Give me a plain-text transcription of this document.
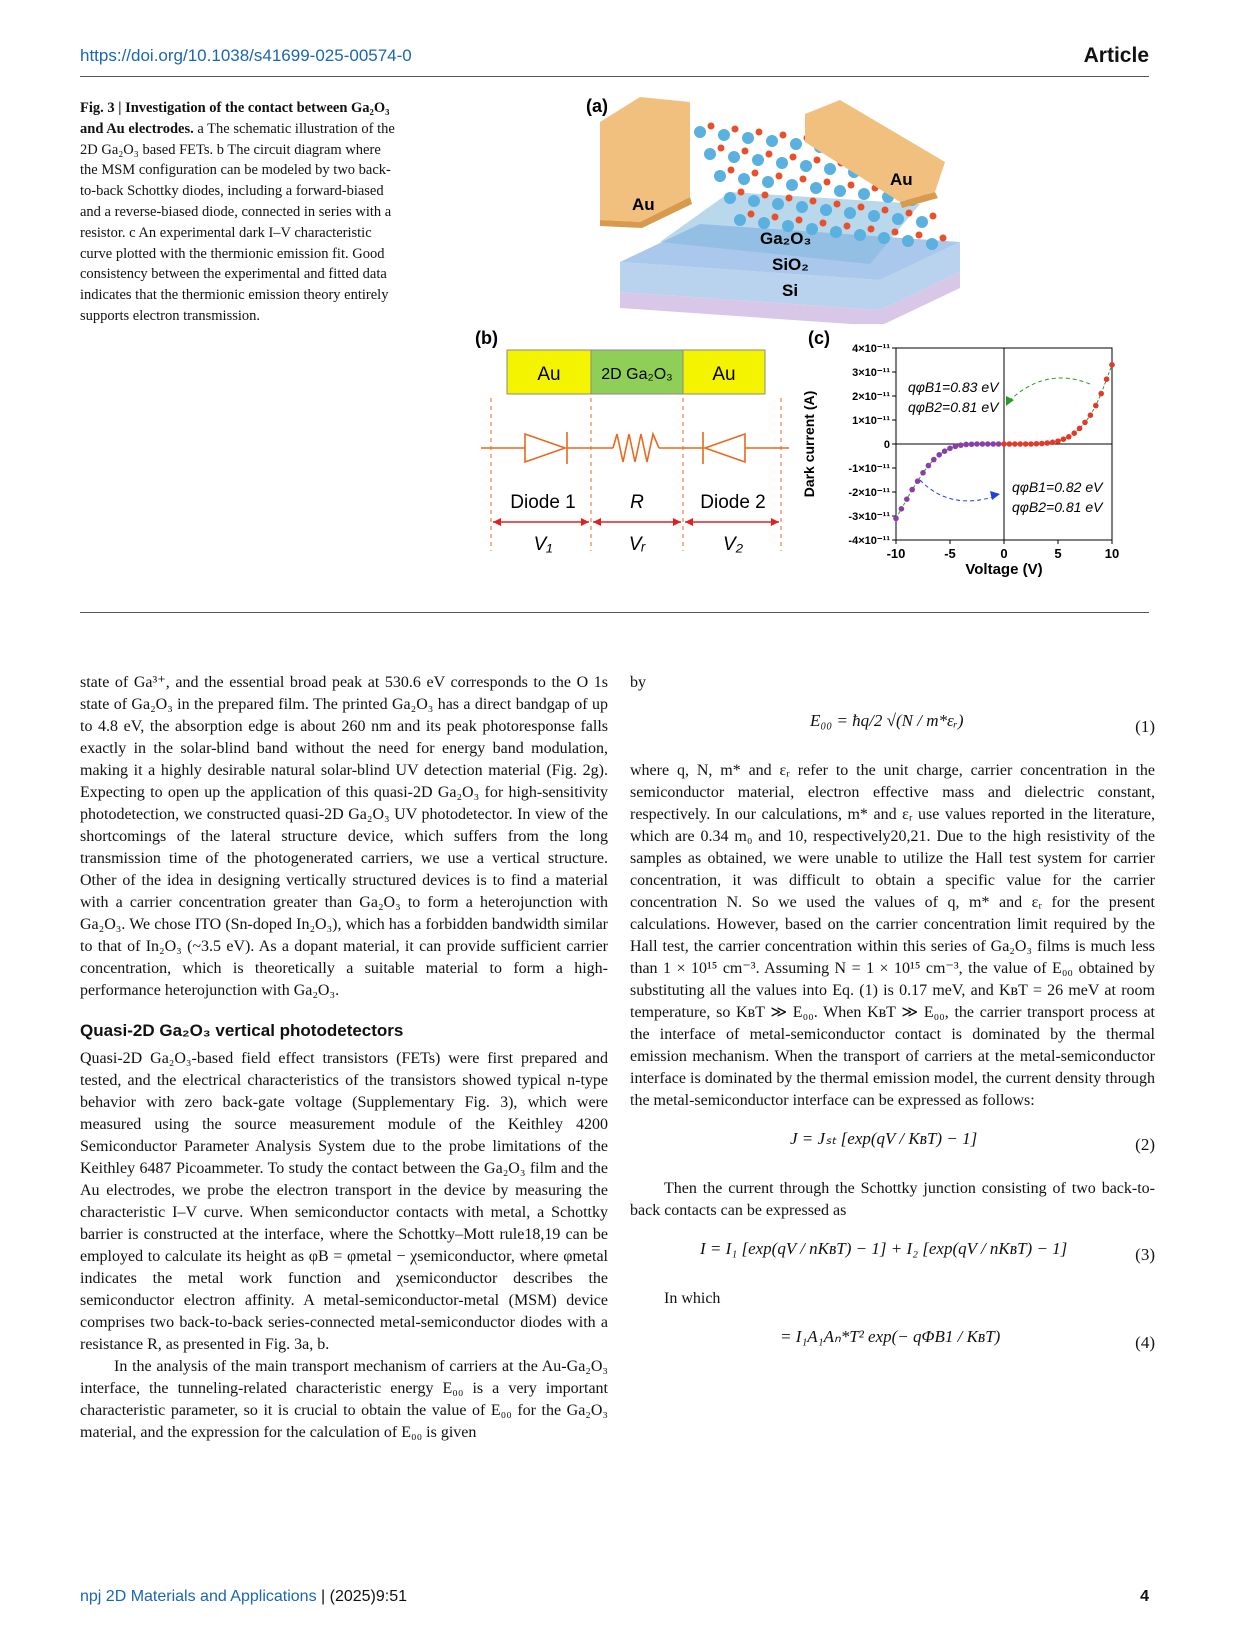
https://doi.org/10.1038/s41699-025-00574-0	Article
Fig. 3 | Investigation of the contact between Ga₂O₃ and Au electrodes. a The schematic illustration of the 2D Ga₂O₃ based FETs. b The circuit diagram where the MSM configuration can be modeled by two back-to-back Schottky diodes, including a forward-biased and a reverse-biased diode, connected in series with a resistor. c An experimental dark I–V characteristic curve plotted with the thermionic emission fit. Good consistency between the experimental and fitted data indicates that the thermionic emission theory entirely supports electron transmission.
(a)
Au
Au
Ga₂O₃
SiO₂
Si
(b)
Au	2D Ga₂O₃ Au
Diode 1	R	Diode 2
V₁	Vᵣ	V₂
(c)
4×10⁻¹¹
3×10⁻¹¹
2×10⁻¹¹
1×10⁻¹¹
0
-1×10⁻¹¹
-2×10⁻¹¹
-3×10⁻¹¹
-4×10⁻¹¹
-10	-5	0	5	10
Dark current (A)
Voltage (V)
qφB1=0.83 eV
qφB2=0.81 eV
qφB1=0.82 eV
qφB2=0.81 eV

state of Ga³⁺, and the essential broad peak at 530.6 eV corresponds to the O 1s state of Ga₂O₃ in the prepared film. The printed Ga₂O₃ has a direct bandgap of up to 4.8 eV, the absorption edge is about 260 nm and its peak photoresponse falls exactly in the solar-blind band without the need for energy band modulation, making it a highly desirable natural solar-blind UV detection material (Fig. 2g). Expecting to open up the application of this quasi-2D Ga₂O₃ for high-sensitivity photodetection, we constructed quasi-2D Ga₂O₃ UV photodetector. In view of the shortcomings of the lateral structure device, which suffers from the long transmission time of the photogenerated carriers, we use a vertical structure. Other of the idea in designing vertically structured devices is to find a material with a carrier concentration greater than Ga₂O₃ to form a heterojunction with Ga₂O₃. We chose ITO (Sn-doped In₂O₃), which has a forbidden bandwidth similar to that of In₂O₃ (~3.5 eV). As a dopant material, it can provide sufficient carrier concentration, which is theoretically a suitable material to form a high-performance heterojunction with Ga₂O₃.

Quasi-2D Ga₂O₃ vertical photodetectors

Quasi-2D Ga₂O₃-based field effect transistors (FETs) were first prepared and tested, and the electrical characteristics of the transistors showed typical n-type behavior with zero back-gate voltage (Supplementary Fig. 3), which were measured using the source measurement module of the Keithley 4200 Semiconductor Parameter Analysis System due to the probe limitations of the Keithley 6487 Picoammeter. To study the contact between the Ga₂O₃ film and the Au electrodes, we probe the electron transport in the device by measuring the characteristic I–V curve. When semiconductor contacts with metal, a Schottky barrier is constructed at the interface, where the Schottky–Mott rule18,19 can be employed to calculate its height as φB = φmetal − χsemiconductor, where φmetal indicates the metal work function and χsemiconductor describes the semiconductor electron affinity. A metal-semiconductor-metal (MSM) device comprises two back-to-back series-connected metal-semiconductor diodes with a resistance R, as presented in Fig. 3a, b.

In the analysis of the main transport mechanism of carriers at the Au-Ga₂O₃ interface, the tunneling-related characteristic energy E₀₀ is a very important characteristic parameter, so it is crucial to obtain the value of E₀₀ for the Ga₂O₃ material, and the expression for the calculation of E₀₀ is given

by

E₀₀ = ħq/2 √(N / m*εᵣ)	(1)

where q, N, m* and εᵣ refer to the unit charge, carrier concentration in the semiconductor material, electron effective mass and dielectric constant, respectively. In our calculations, m* and εᵣ use values reported in the literature, which are 0.34 m₀ and 10, respectively20,21. Due to the high resistivity of the samples as obtained, we were unable to utilize the Hall test system for carrier concentration, it was difficult to obtain a specific value for the carrier concentration N. So we used the values of q, m* and εᵣ for the present calculations. However, based on the carrier concentration limit required by the Hall test, the carrier concentration within this series of Ga₂O₃ films is much less than 1 × 10¹⁵ cm⁻³. Assuming N = 1 × 10¹⁵ cm⁻³, the value of E₀₀ obtained by substituting all the values into Eq. (1) is 0.17 meV, and KʙT = 26 meV at room temperature, so KʙT ≫ E₀₀. When KʙT ≫ E₀₀, the carrier transport process at the interface of metal-semiconductor contact is dominated by the thermal emission mechanism. When the transport of carriers at the metal-semiconductor interface is dominated by the thermal emission model, the current density through the metal-semiconductor interface can be expressed as follows:

J = Jₛₜ [exp(qV / KʙT) − 1]	(2)

Then the current through the Schottky junction consisting of two back-to-back contacts can be expressed as

I = I₁ [exp(qV / nKʙT) − 1] + I₂ [exp(qV / nKʙT) − 1]	(3)

In which

= I₁A₁Aₙ*T² exp(− qΦB1 / KʙT)	(4)
npj 2D Materials and Applications | (2025)9:51	4
